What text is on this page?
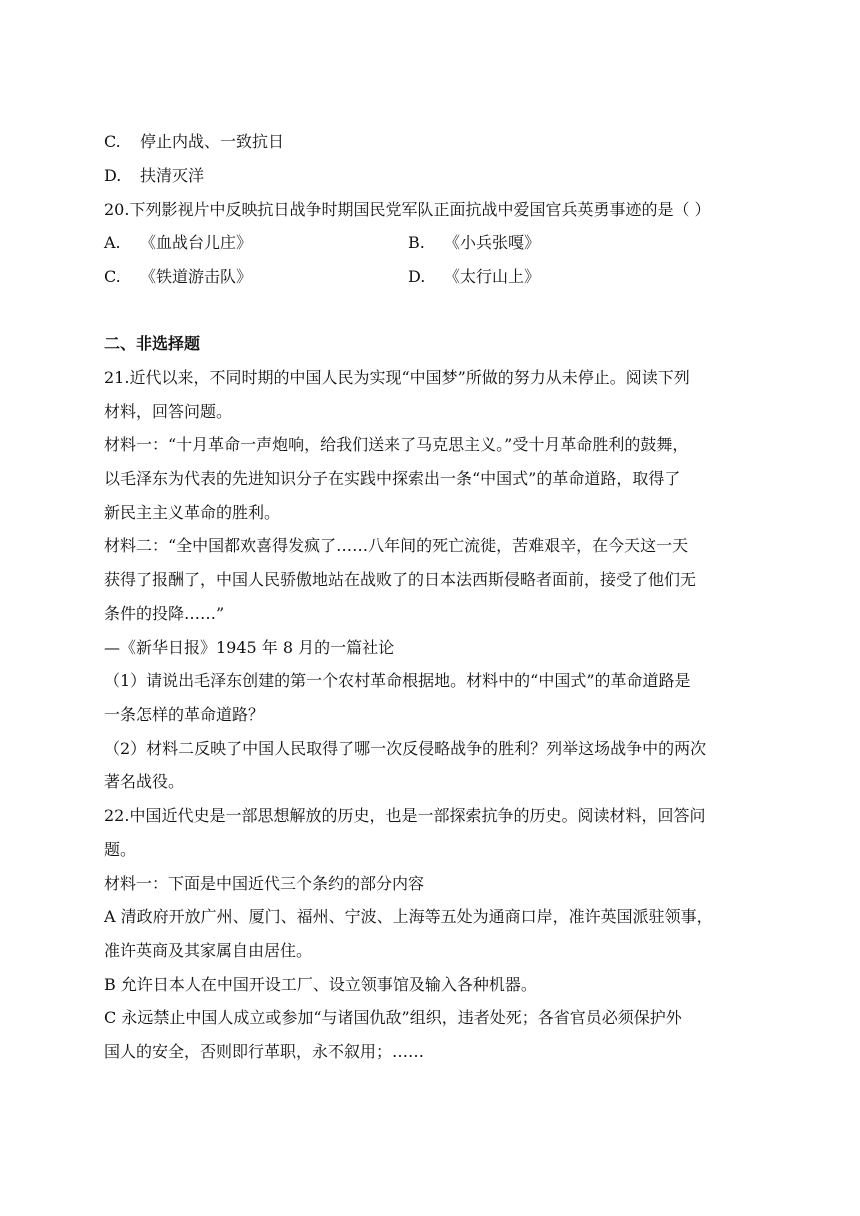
C. 停止内战、一致抗日
D. 扶清灭洋
20.下列影视片中反映抗日战争时期国民党军队正面抗战中爱国官兵英勇事迹的是（ ）
A. 《血战台儿庄》	B. 《小兵张嘎》
C. 《铁道游击队》	D. 《太行山上》
二、非选择题
21.近代以来，不同时期的中国人民为实现“中国梦”所做的努力从未停止。阅读下列
材料，回答问题。
材料一：“十月革命一声炮响，给我们送来了马克思主义。”受十月革命胜利的鼓舞，
以毛泽东为代表的先进知识分子在实践中探索出一条“中国式”的革命道路，取得了
新民主主义革命的胜利。
材料二：“全中国都欢喜得发疯了……八年间的死亡流徙，苦难艰辛，在今天这一天
获得了报酬了，中国人民骄傲地站在战败了的日本法西斯侵略者面前，接受了他们无
条件的投降……”
—《新华日报》1945 年 8 月的一篇社论
（1）请说出毛泽东创建的第一个农村革命根据地。材料中的“中国式”的革命道路是
一条怎样的革命道路？
（2）材料二反映了中国人民取得了哪一次反侵略战争的胜利？列举这场战争中的两次
著名战役。
22.中国近代史是一部思想解放的历史，也是一部探索抗争的历史。阅读材料，回答问
题。
材料一：下面是中国近代三个条约的部分内容
A 清政府开放广州、厦门、福州、宁波、上海等五处为通商口岸，准许英国派驻领事，
准许英商及其家属自由居住。
B 允许日本人在中国开设工厂、设立领事馆及输入各种机器。
C 永远禁止中国人成立或参加“与诸国仇敌”组织，违者处死；各省官员必须保护外
国人的安全，否则即行革职，永不叙用；……
